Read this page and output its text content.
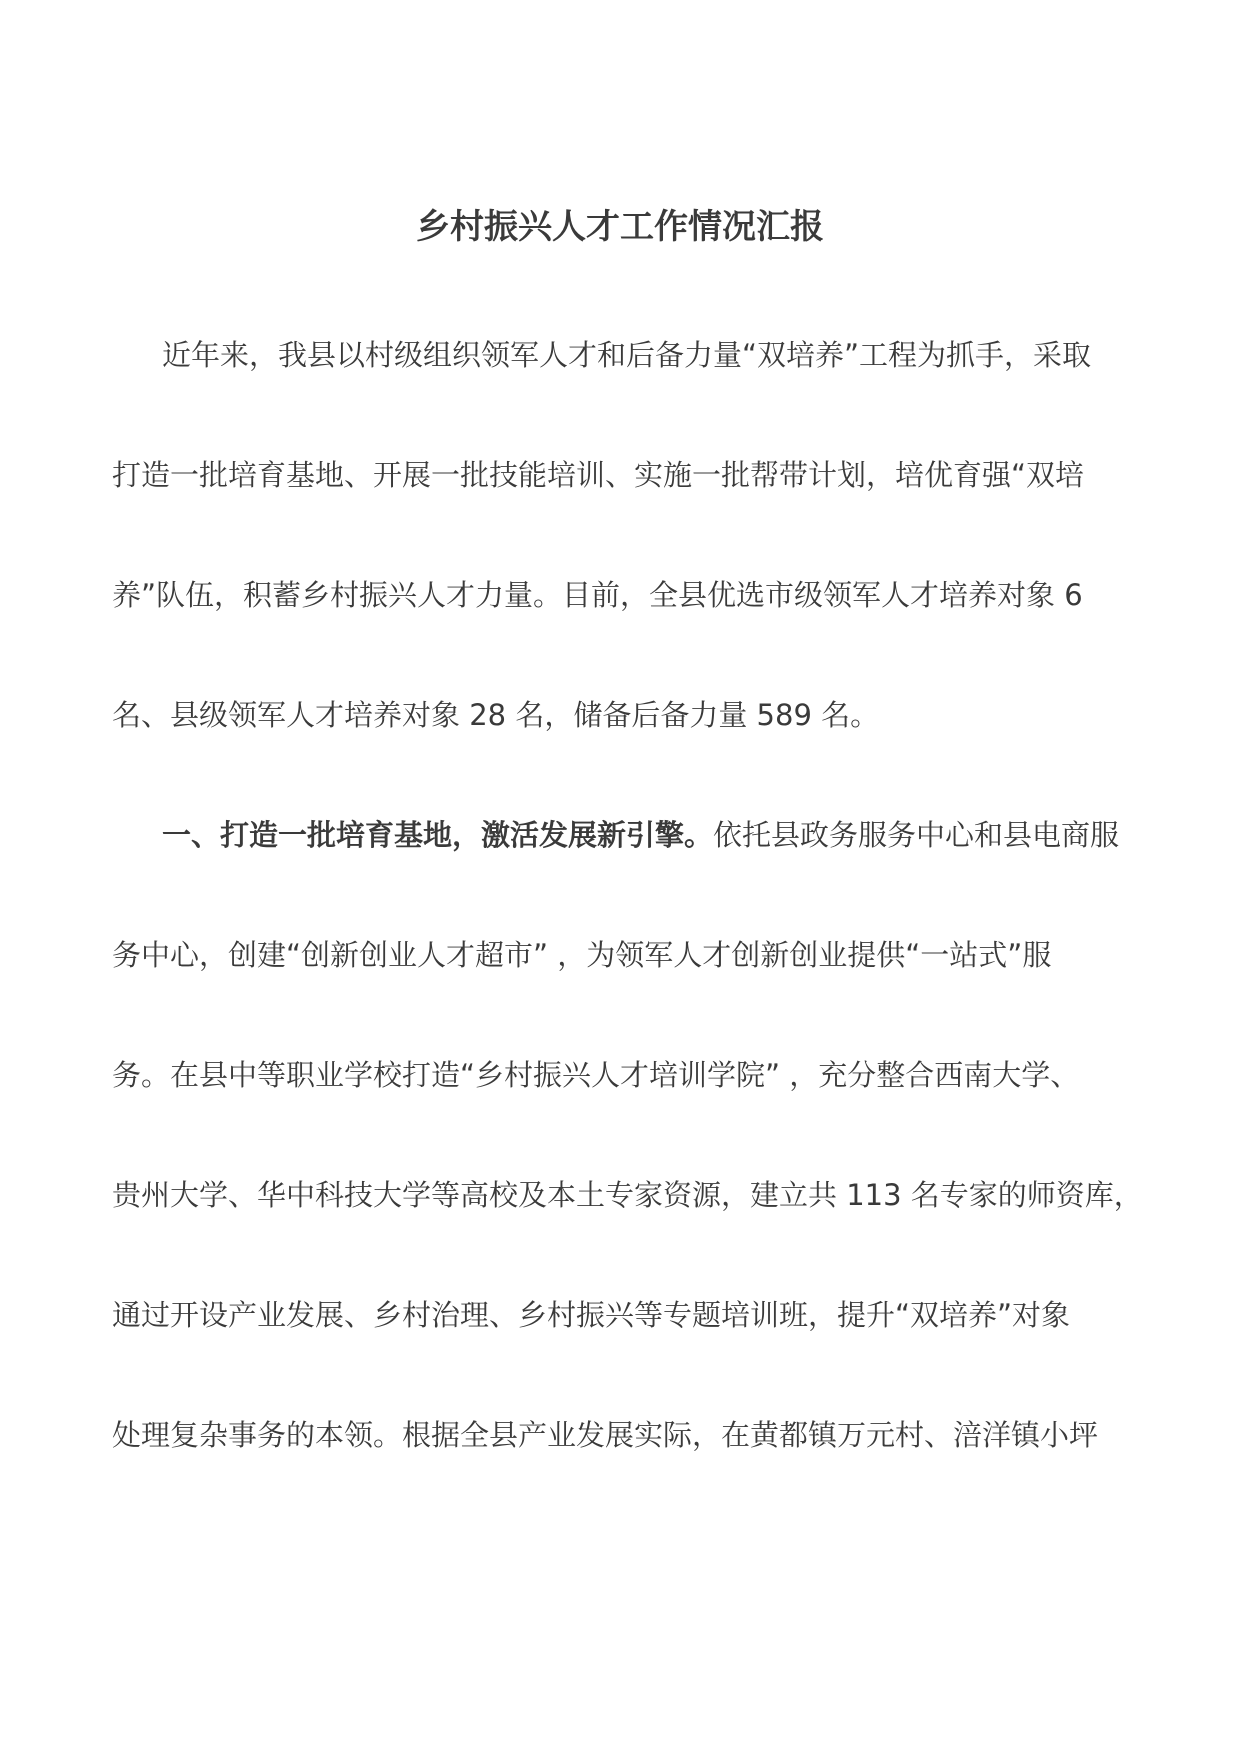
乡村振兴人才工作情况汇报

近年来，我县以村级组织领军人才和后备力量“双培养”工程为抓手，采取

打造一批培育基地、开展一批技能培训、实施一批帮带计划，培优育强“双培

养”队伍，积蓄乡村振兴人才力量。目前，全县优选市级领军人才培养对象 6

名、县级领军人才培养对象 28 名，储备后备力量 589 名。

一、打造一批培育基地，激活发展新引擎。依托县政务服务中心和县电商服

务中心，创建“创新创业人才超市” ，为领军人才创新创业提供“一站式”服

务。在县中等职业学校打造“乡村振兴人才培训学院” ，充分整合西南大学、

贵州大学、华中科技大学等高校及本土专家资源，建立共 113 名专家的师资库，

通过开设产业发展、乡村治理、乡村振兴等专题培训班，提升“双培养”对象

处理复杂事务的本领。根据全县产业发展实际，在黄都镇万元村、涪洋镇小坪
